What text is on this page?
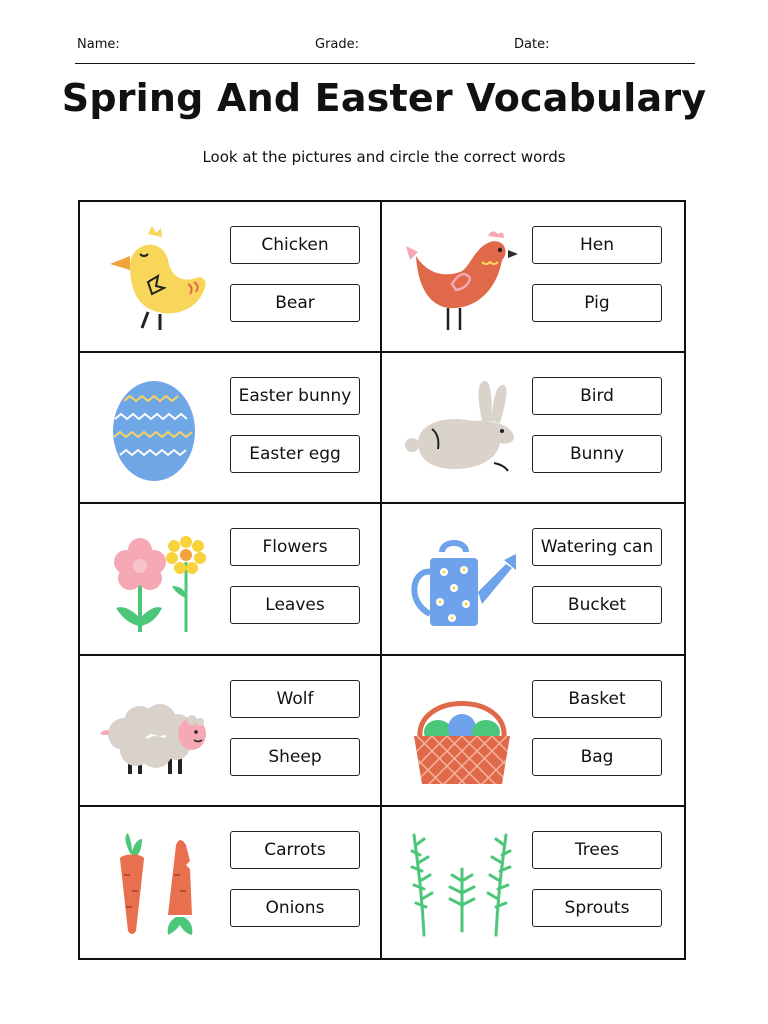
Name:	Grade:	Date:
Spring And Easter Vocabulary
Look at the pictures and circle the correct words
Chicken
Bear
Hen
Pig
Easter bunny
Easter egg
Bird
Bunny
Flowers
Leaves
Watering can
Bucket
Wolf
Sheep
Basket
Bag
Carrots
Onions
Trees
Sprouts
